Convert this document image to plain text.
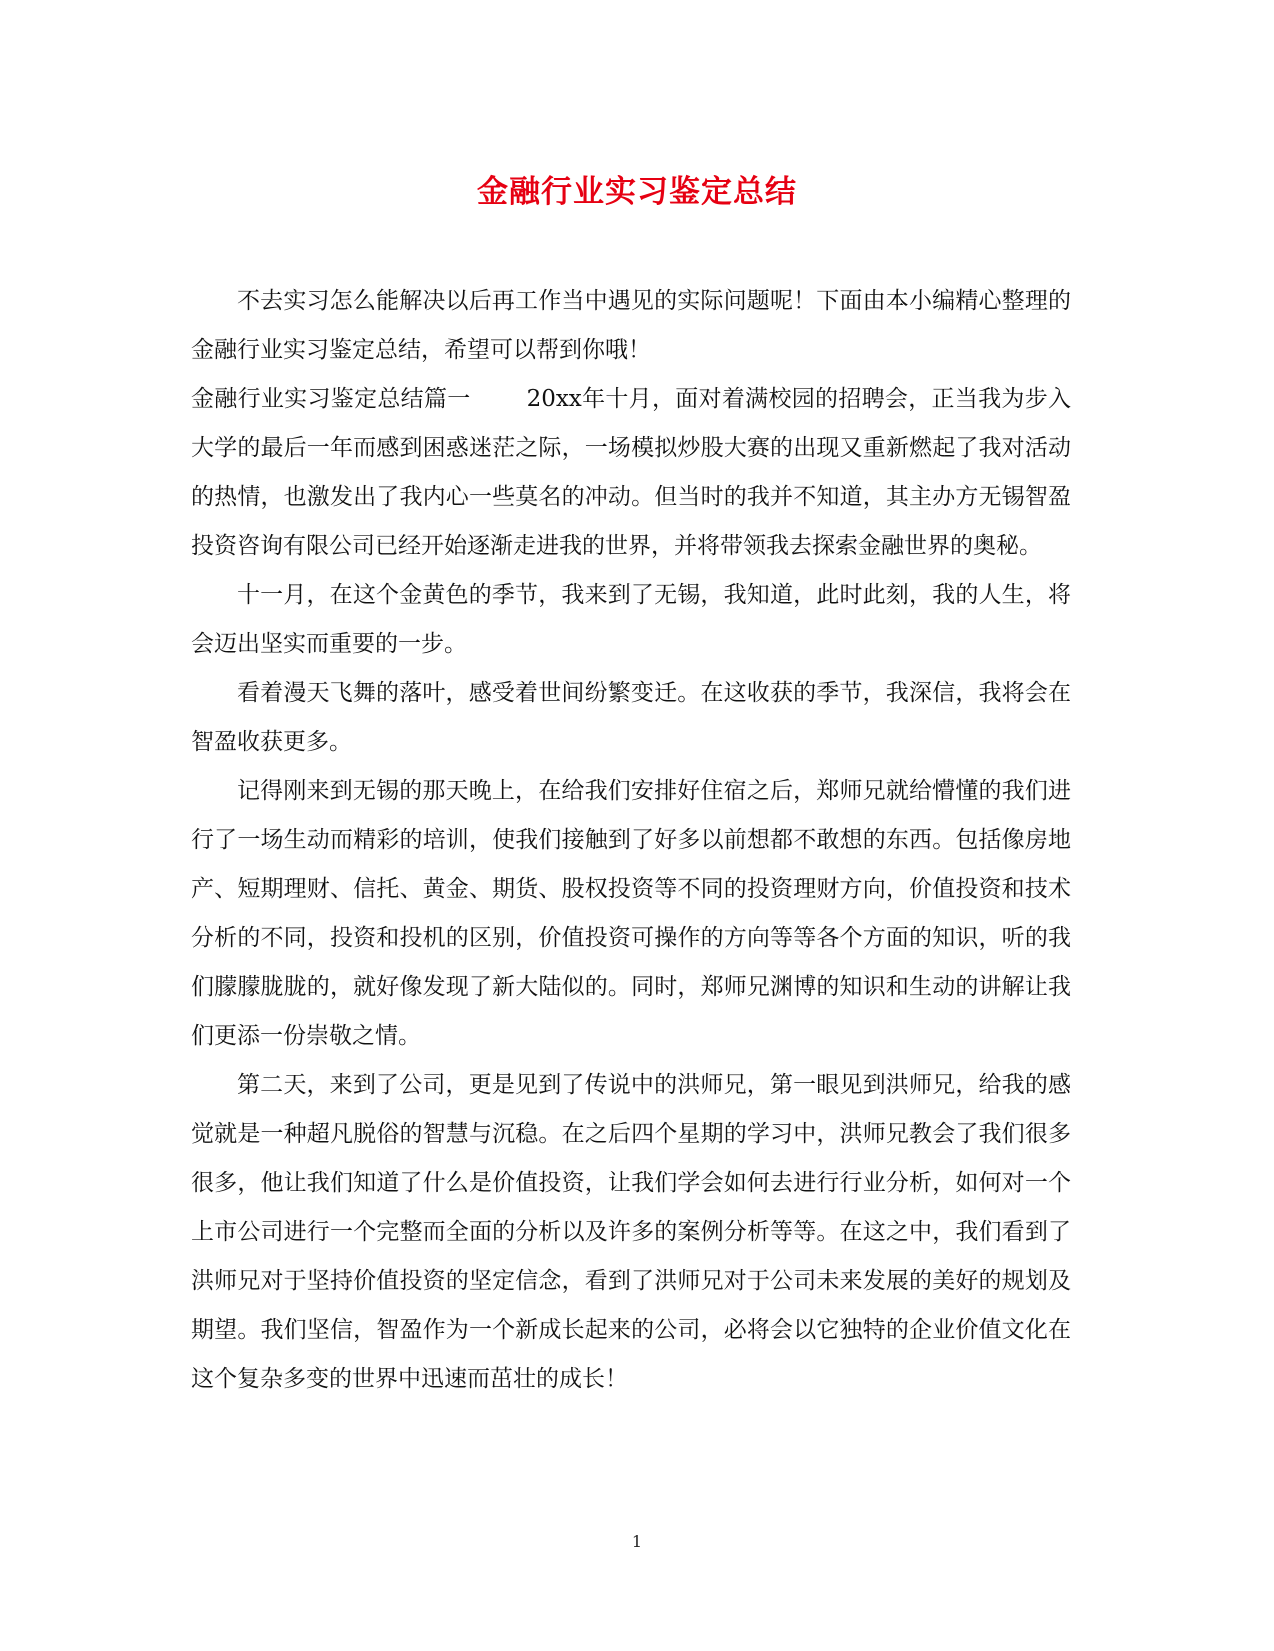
金融行业实习鉴定总结

不去实习怎么能解决以后再工作当中遇见的实际问题呢！下面由本小编精心整理的金融行业实习鉴定总结，希望可以帮到你哦！

金融行业实习鉴定总结篇一 20xx年十月，面对着满校园的招聘会，正当我为步入大学的最后一年而感到困惑迷茫之际，一场模拟炒股大赛的出现又重新燃起了我对活动的热情，也激发出了我内心一些莫名的冲动。但当时的我并不知道，其主办方无锡智盈投资咨询有限公司已经开始逐渐走进我的世界，并将带领我去探索金融世界的奥秘。

十一月，在这个金黄色的季节，我来到了无锡，我知道，此时此刻，我的人生，将会迈出坚实而重要的一步。

看着漫天飞舞的落叶，感受着世间纷繁变迁。在这收获的季节，我深信，我将会在智盈收获更多。

记得刚来到无锡的那天晚上，在给我们安排好住宿之后，郑师兄就给懵懂的我们进行了一场生动而精彩的培训，使我们接触到了好多以前想都不敢想的东西。包括像房地产、短期理财、信托、黄金、期货、股权投资等不同的投资理财方向，价值投资和技术分析的不同，投资和投机的区别，价值投资可操作的方向等等各个方面的知识，听的我们朦朦胧胧的，就好像发现了新大陆似的。同时，郑师兄渊博的知识和生动的讲解让我们更添一份崇敬之情。

第二天，来到了公司，更是见到了传说中的洪师兄，第一眼见到洪师兄，给我的感觉就是一种超凡脱俗的智慧与沉稳。在之后四个星期的学习中，洪师兄教会了我们很多很多，他让我们知道了什么是价值投资，让我们学会如何去进行行业分析，如何对一个上市公司进行一个完整而全面的分析以及许多的案例分析等等。在这之中，我们看到了洪师兄对于坚持价值投资的坚定信念，看到了洪师兄对于公司未来发展的美好的规划及期望。我们坚信，智盈作为一个新成长起来的公司，必将会以它独特的企业价值文化在这个复杂多变的世界中迅速而茁壮的成长！

1
